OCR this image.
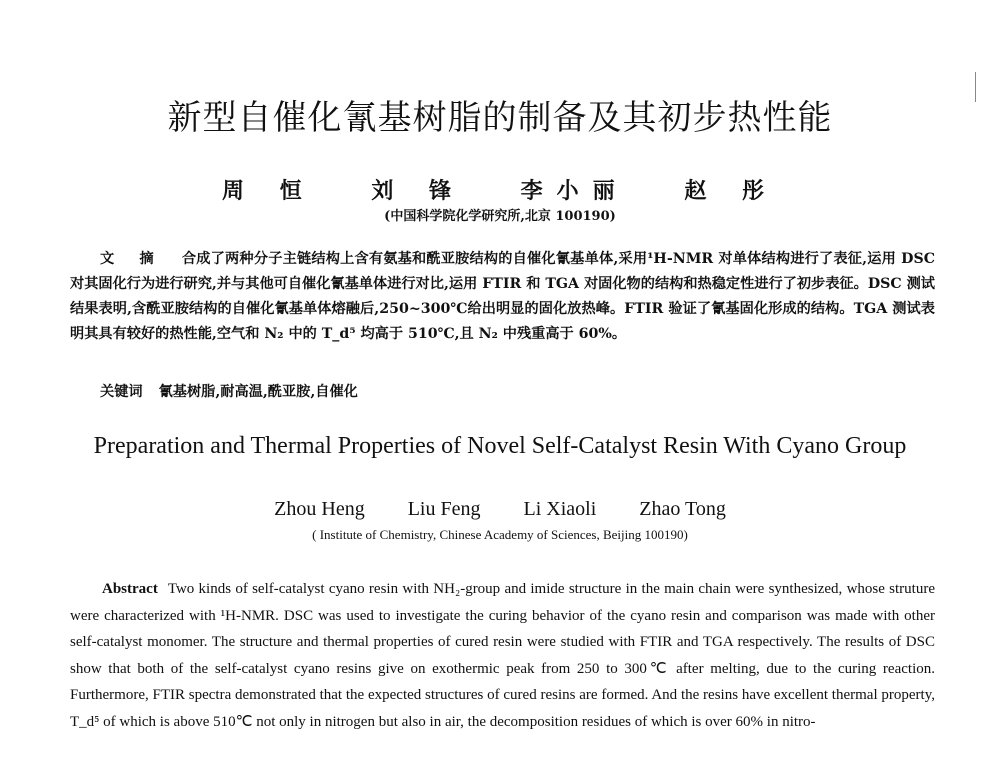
新型自催化氰基树脂的制备及其初步热性能
周 恒	刘 锋	李小丽	赵 彤
(中国科学院化学研究所,北京 100190)
文 摘 合成了两种分子主链结构上含有氨基和酰亚胺结构的自催化氰基单体,采用¹H-NMR 对单体结构进行了表征,运用 DSC 对其固化行为进行研究,并与其他可自催化氰基单体进行对比,运用 FTIR 和 TGA 对固化物的结构和热稳定性进行了初步表征。DSC 测试结果表明,含酰亚胺结构的自催化氰基单体熔融后,250~300℃给出明显的固化放热峰。FTIR 验证了氰基固化形成的结构。TGA 测试表明其具有较好的热性能,空气和 N₂ 中的 T_d⁵ 均高于 510℃,且 N₂ 中残重高于 60%。
关键词 氰基树脂,耐高温,酰亚胺,自催化
Preparation and Thermal Properties of Novel Self-Catalyst Resin With Cyano Group
Zhou Heng Liu Feng Li Xiaoli Zhao Tong
( Institute of Chemistry, Chinese Academy of Sciences, Beijing 100190)
Abstract Two kinds of self-catalyst cyano resin with NH₂-group and imide structure in the main chain were synthesized, whose struture were characterized with ¹H-NMR. DSC was used to investigate the curing behavior of the cyano resin and comparison was made with other self-catalyst monomer. The structure and thermal properties of cured resin were studied with FTIR and TGA respectively. The results of DSC show that both of the self-catalyst cyano resins give on exothermic peak from 250 to 300℃ after melting, due to the curing reaction. Furthermore, FTIR spectra demonstrated that the expected structures of cured resins are formed. And the resins have excellent thermal property, T_d⁵ of which is above 510℃ not only in nitrogen but also in air, the decomposition residues of which is over 60% in nitro-
